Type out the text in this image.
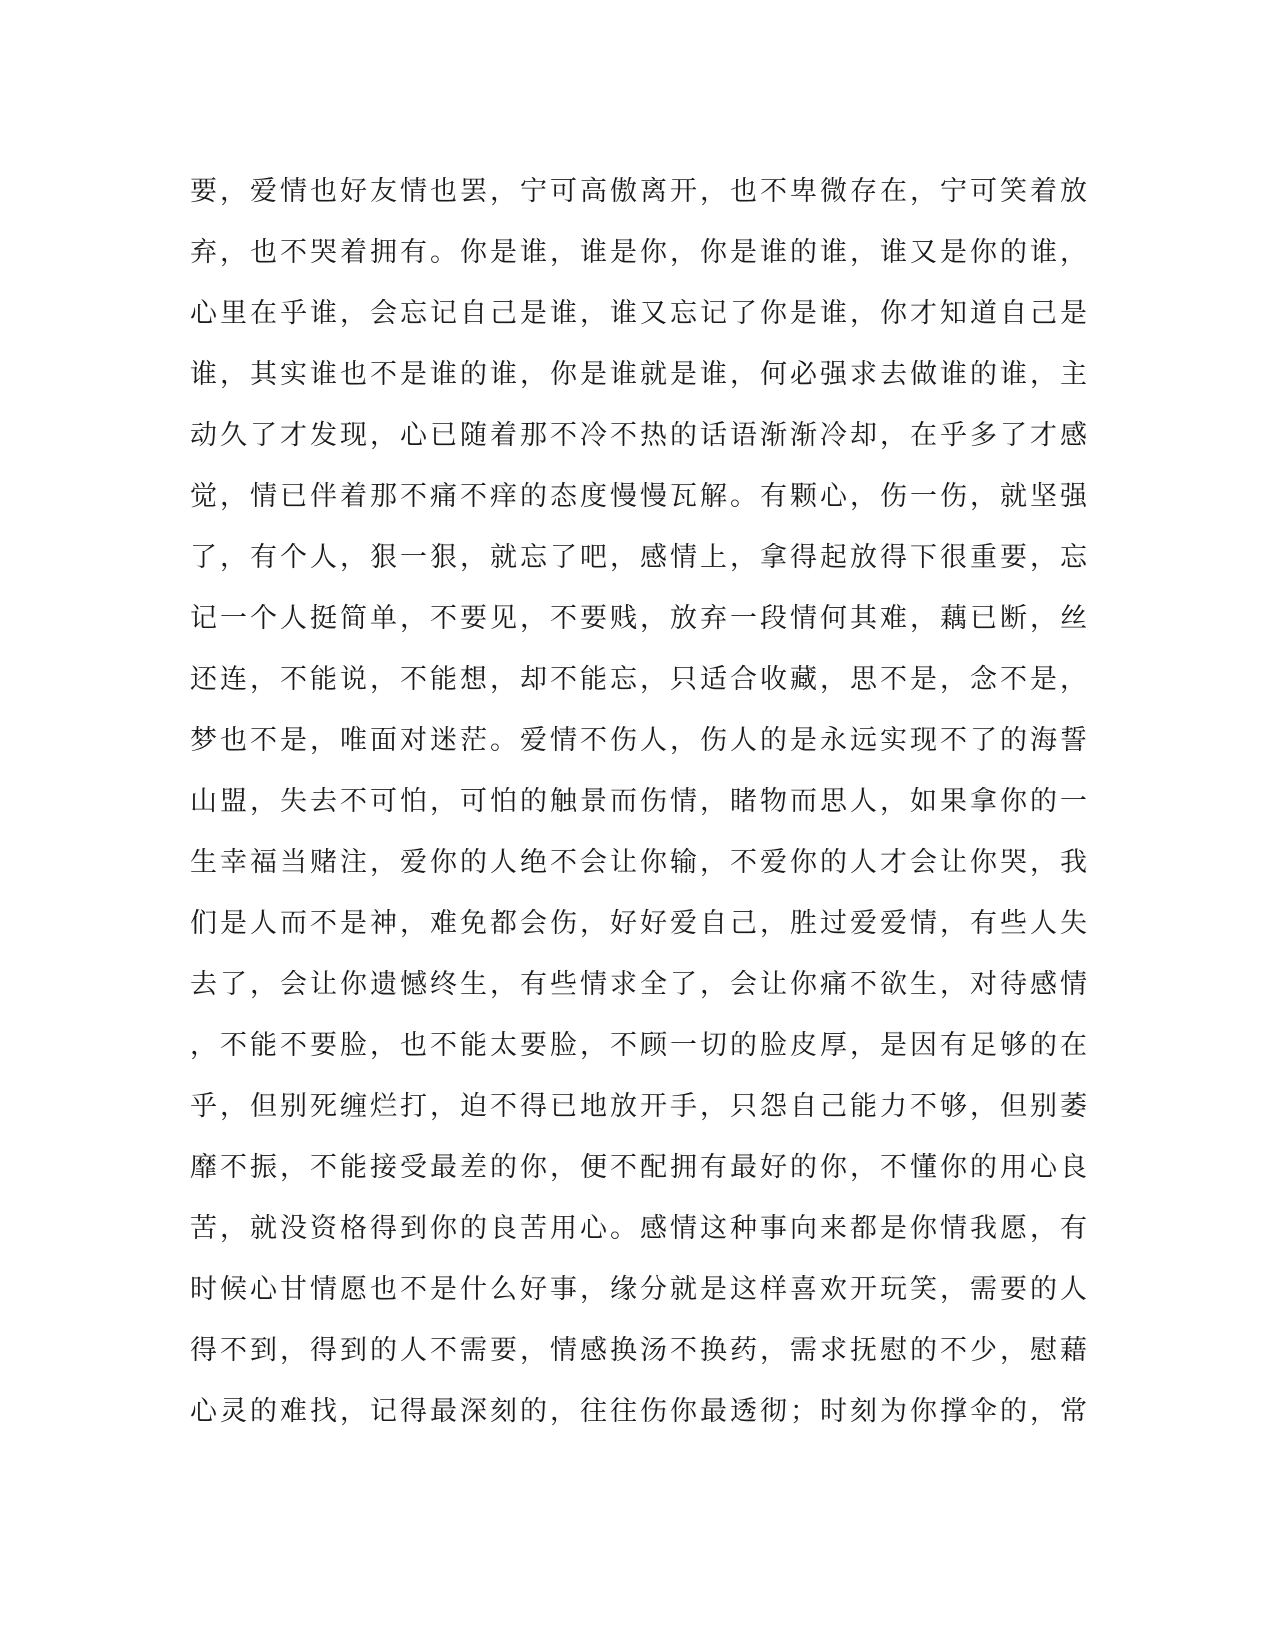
要，爱情也好友情也罢，宁可高傲离开，也不卑微存在，宁可笑着放
弃，也不哭着拥有。你是谁，谁是你，你是谁的谁，谁又是你的谁，
心里在乎谁，会忘记自己是谁，谁又忘记了你是谁，你才知道自己是
谁，其实谁也不是谁的谁，你是谁就是谁，何必强求去做谁的谁，主
动久了才发现，心已随着那不冷不热的话语渐渐冷却，在乎多了才感
觉，情已伴着那不痛不痒的态度慢慢瓦解。有颗心，伤一伤，就坚强
了，有个人，狠一狠，就忘了吧，感情上，拿得起放得下很重要，忘
记一个人挺简单，不要见，不要贱，放弃一段情何其难，藕已断，丝
还连，不能说，不能想，却不能忘，只适合收藏，思不是，念不是，
梦也不是，唯面对迷茫。爱情不伤人，伤人的是永远实现不了的海誓
山盟，失去不可怕，可怕的触景而伤情，睹物而思人，如果拿你的一
生幸福当赌注，爱你的人绝不会让你输，不爱你的人才会让你哭，我
们是人而不是神，难免都会伤，好好爱自己，胜过爱爱情，有些人失
去了，会让你遗憾终生，有些情求全了，会让你痛不欲生，对待感情
，不能不要脸，也不能太要脸，不顾一切的脸皮厚，是因有足够的在
乎，但别死缠烂打，迫不得已地放开手，只怨自己能力不够，但别萎
靡不振，不能接受最差的你，便不配拥有最好的你，不懂你的用心良
苦，就没资格得到你的良苦用心。感情这种事向来都是你情我愿，有
时候心甘情愿也不是什么好事，缘分就是这样喜欢开玩笑，需要的人
得不到，得到的人不需要，情感换汤不换药，需求抚慰的不少，慰藉
心灵的难找，记得最深刻的，往往伤你最透彻；时刻为你撑伞的，常
